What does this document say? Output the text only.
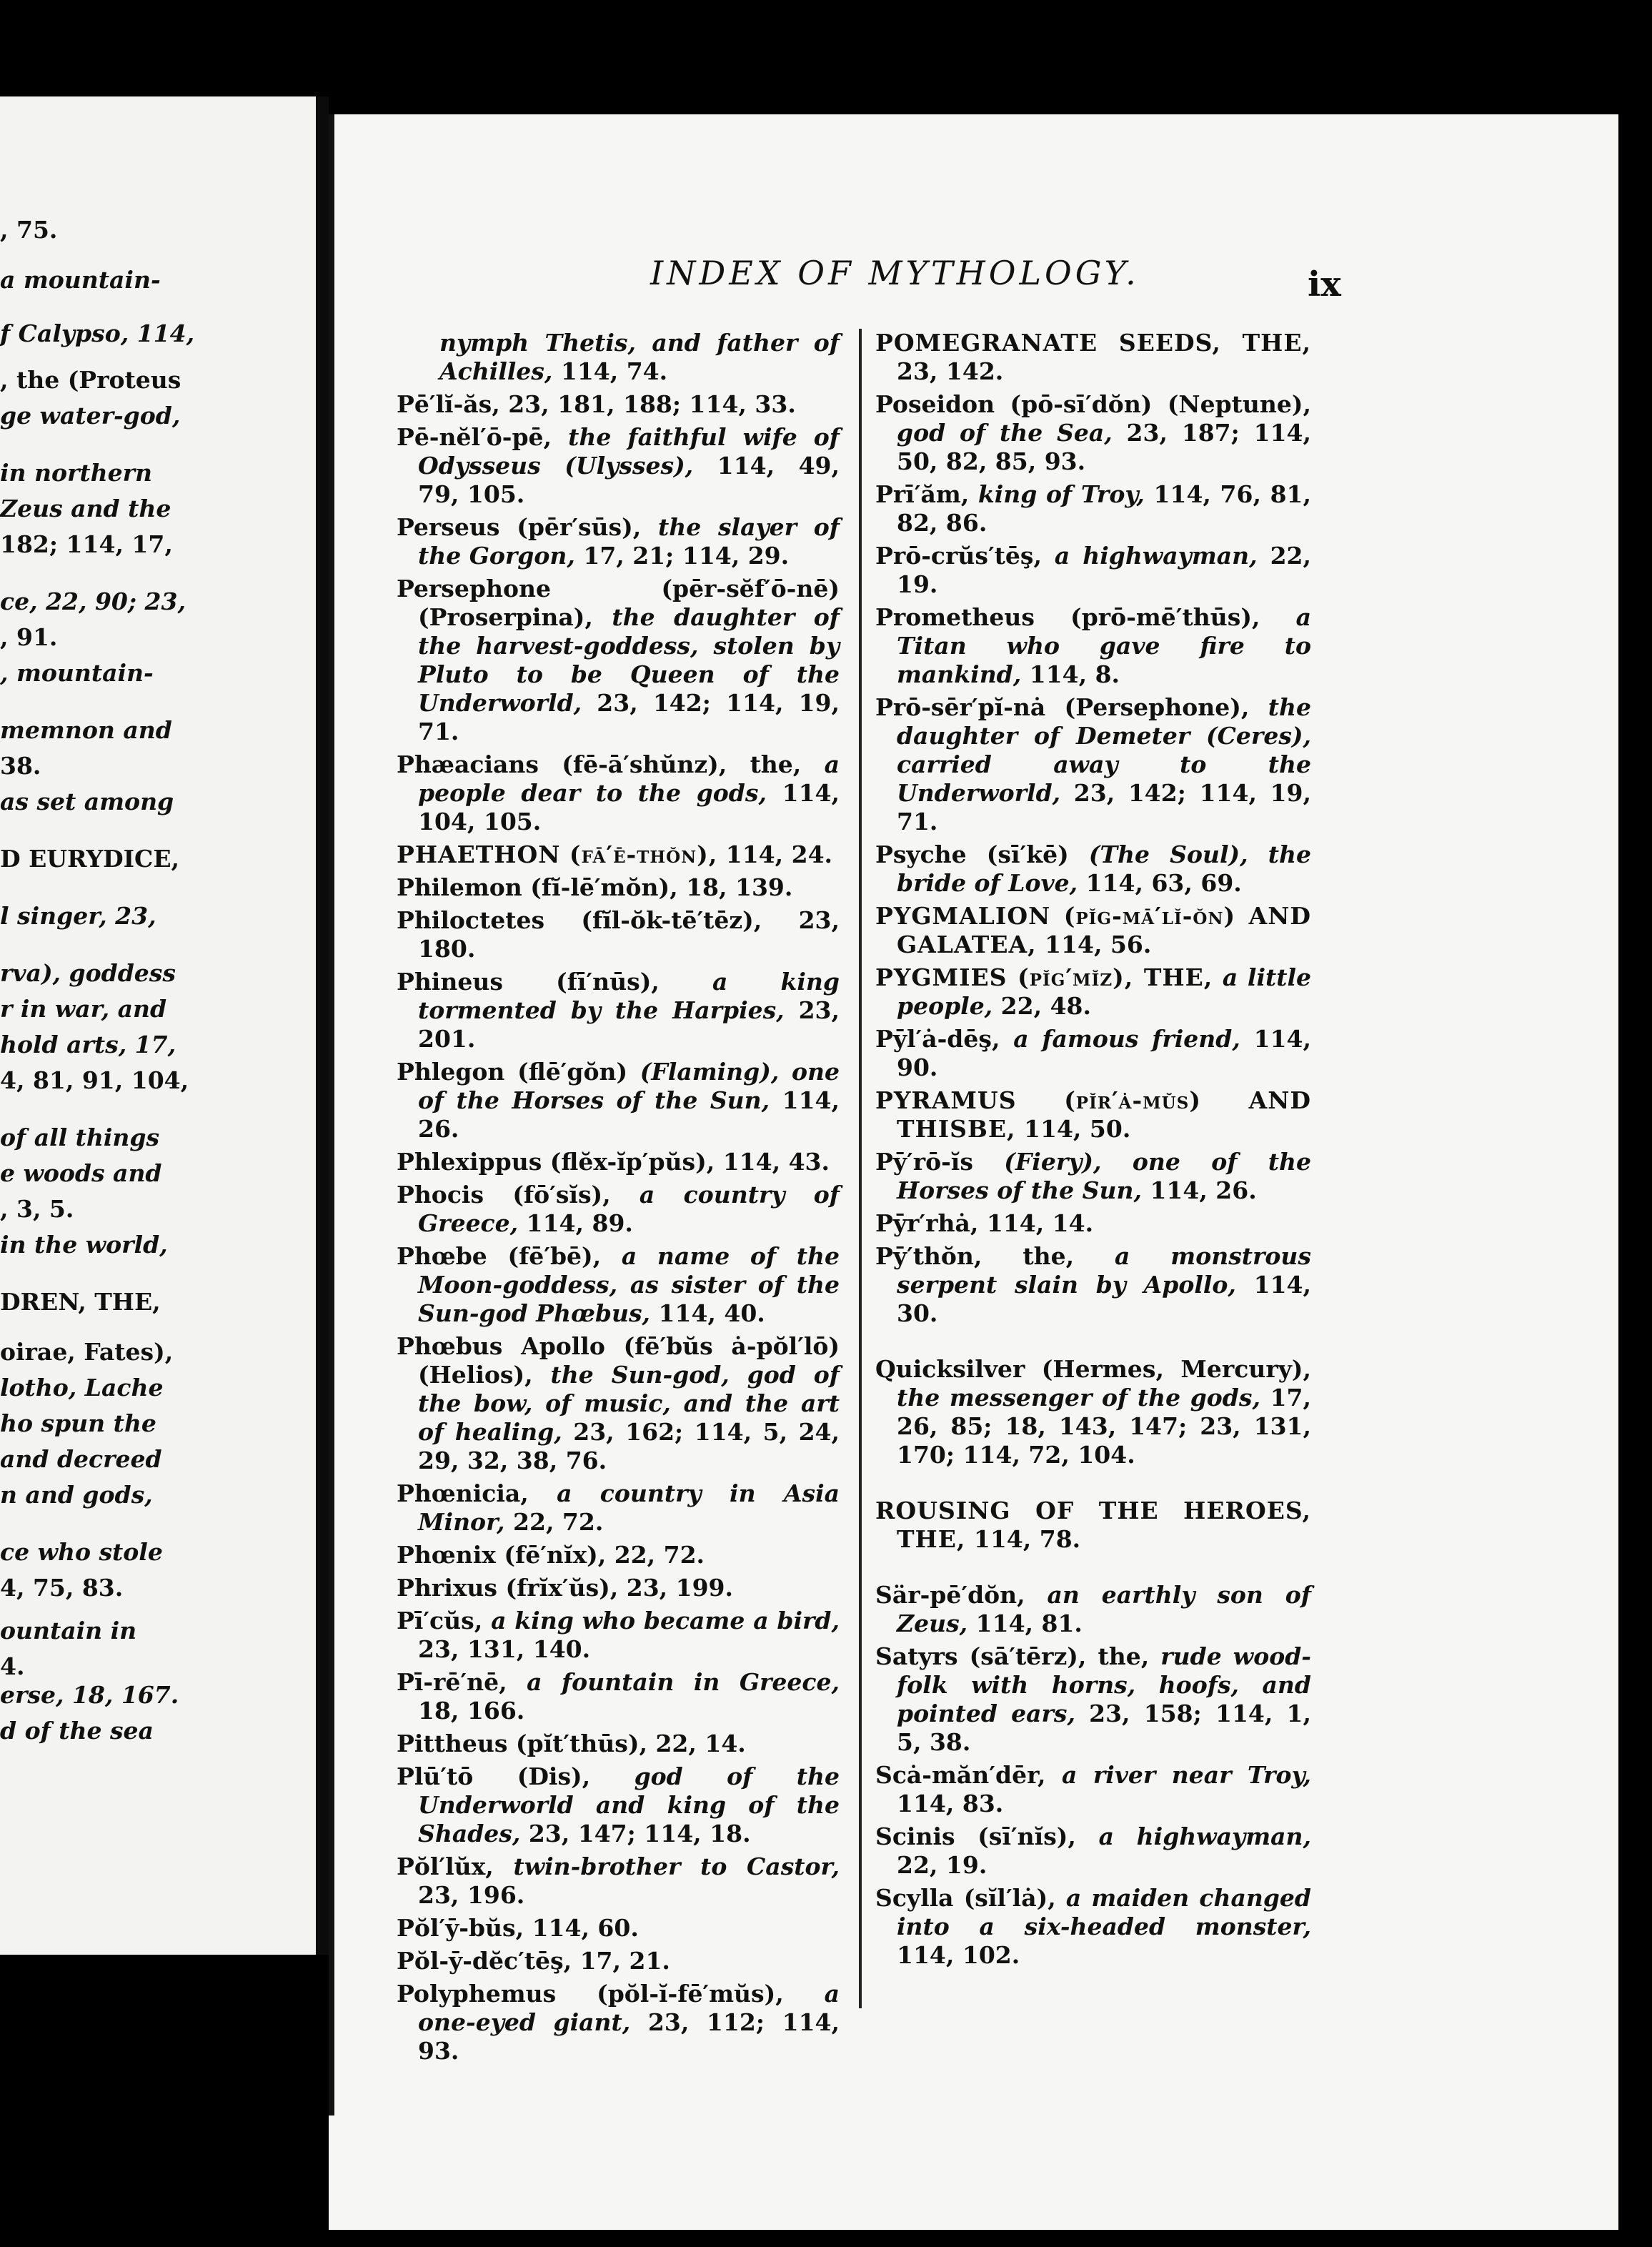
, 75.
a mountain-
f Calypso, 114,
, the (Proteus
ge water-god,
in northern
Zeus and the
182; 114, 17,
ce, 22, 90; 23,
, 91.
, mountain-
memnon and
38.
as set among
D EURYDICE,
l singer, 23,
rva), goddess
r in war, and
hold arts, 17,
4, 81, 91, 104,
of all things
e woods and
, 3, 5.
in the world,
DREN, THE,
oirae, Fates),
lotho, Lache
ho spun the
and decreed
n and gods,
ce who stole
4, 75, 83.
ountain in
4.
erse, 18, 167.
d of the sea
INDEX OF MYTHOLOGY.	ix
nymph Thetis, and father of Achilles, 114, 74.
Pē′lĭ-ăs, 23, 181, 188; 114, 33.
Pē-nĕl′ō-pē, the faithful wife of Odysseus (Ulysses), 114, 49, 79, 105.
Perseus (pēr′sūs), the slayer of the Gorgon, 17, 21; 114, 29.
Persephone (pēr-sĕf′ō-nē) (Proserpina), the daughter of the harvest-goddess, stolen by Pluto to be Queen of the Underworld, 23, 142; 114, 19, 71.
Phæacians (fē-ā′shŭnz), the, a people dear to the gods, 114, 104, 105.
PHAETHON (fā′ē-thŏn), 114, 24.
Philemon (fĭ-lē′mŏn), 18, 139.
Philoctetes (fĭl-ŏk-tē′tēz), 23, 180.
Phineus (fī′nūs), a king tormented by the Harpies, 23, 201.
Phlegon (flē′gŏn) (Flaming), one of the Horses of the Sun, 114, 26.
Phlexippus (flĕx-ĭp′pŭs), 114, 43.
Phocis (fō′sĭs), a country of Greece, 114, 89.
Phœbe (fē′bē), a name of the Moon-goddess, as sister of the Sun-god Phœbus, 114, 40.
Phœbus Apollo (fē′bŭs ȧ-pŏl′lō) (Helios), the Sun-god, god of the bow, of music, and the art of healing, 23, 162; 114, 5, 24, 29, 32, 38, 76.
Phœnicia, a country in Asia Minor, 22, 72.
Phœnix (fē′nĭx), 22, 72.
Phrixus (frĭx′ŭs), 23, 199.
Pī′cŭs, a king who became a bird, 23, 131, 140.
Pī-rē′nē, a fountain in Greece, 18, 166.
Pittheus (pĭt′thūs), 22, 14.
Plū′tō (Dis), god of the Underworld and king of the Shades, 23, 147; 114, 18.
Pŏl′lŭx, twin-brother to Castor, 23, 196.
Pŏl′ȳ-bŭs, 114, 60.
Pŏl-ȳ-dĕc′tēş, 17, 21.
Polyphemus (pŏl-ĭ-fē′mŭs), a one-eyed giant, 23, 112; 114, 93.
POMEGRANATE SEEDS, THE, 23, 142.
Poseidon (pō-sī′dŏn) (Neptune), god of the Sea, 23, 187; 114, 50, 82, 85, 93.
Prī′ăm, king of Troy, 114, 76, 81, 82, 86.
Prō-crŭs′tēş, a highwayman, 22, 19.
Prometheus (prō-mē′thūs), a Titan who gave fire to mankind, 114, 8.
Prō-sēr′pĭ-nȧ (Persephone), the daughter of Demeter (Ceres), carried away to the Underworld, 23, 142; 114, 19, 71.
Psyche (sī′kē) (The Soul), the bride of Love, 114, 63, 69.
PYGMALION (pĭg-mā′lĭ-ŏn) AND GALATEA, 114, 56.
PYGMIES (pĭg′mĭz), THE, a little people, 22, 48.
Pȳl′ȧ-dēş, a famous friend, 114, 90.
PYRAMUS (pĭr′ȧ-mŭs) AND THISBE, 114, 50.
Pȳ′rō-ĭs (Fiery), one of the Horses of the Sun, 114, 26.
Pȳr′rhȧ, 114, 14.
Pȳ′thŏn, the, a monstrous serpent slain by Apollo, 114, 30.
Quicksilver (Hermes, Mercury), the messenger of the gods, 17, 26, 85; 18, 143, 147; 23, 131, 170; 114, 72, 104.
ROUSING OF THE HEROES, THE, 114, 78.
Sär-pē′dŏn, an earthly son of Zeus, 114, 81.
Satyrs (sā′tērz), the, rude wood-folk with horns, hoofs, and pointed ears, 23, 158; 114, 1, 5, 38.
Scȧ-măn′dēr, a river near Troy, 114, 83.
Scinis (sī′nĭs), a highwayman, 22, 19.
Scylla (sĭl′lȧ), a maiden changed into a six-headed monster, 114, 102.
